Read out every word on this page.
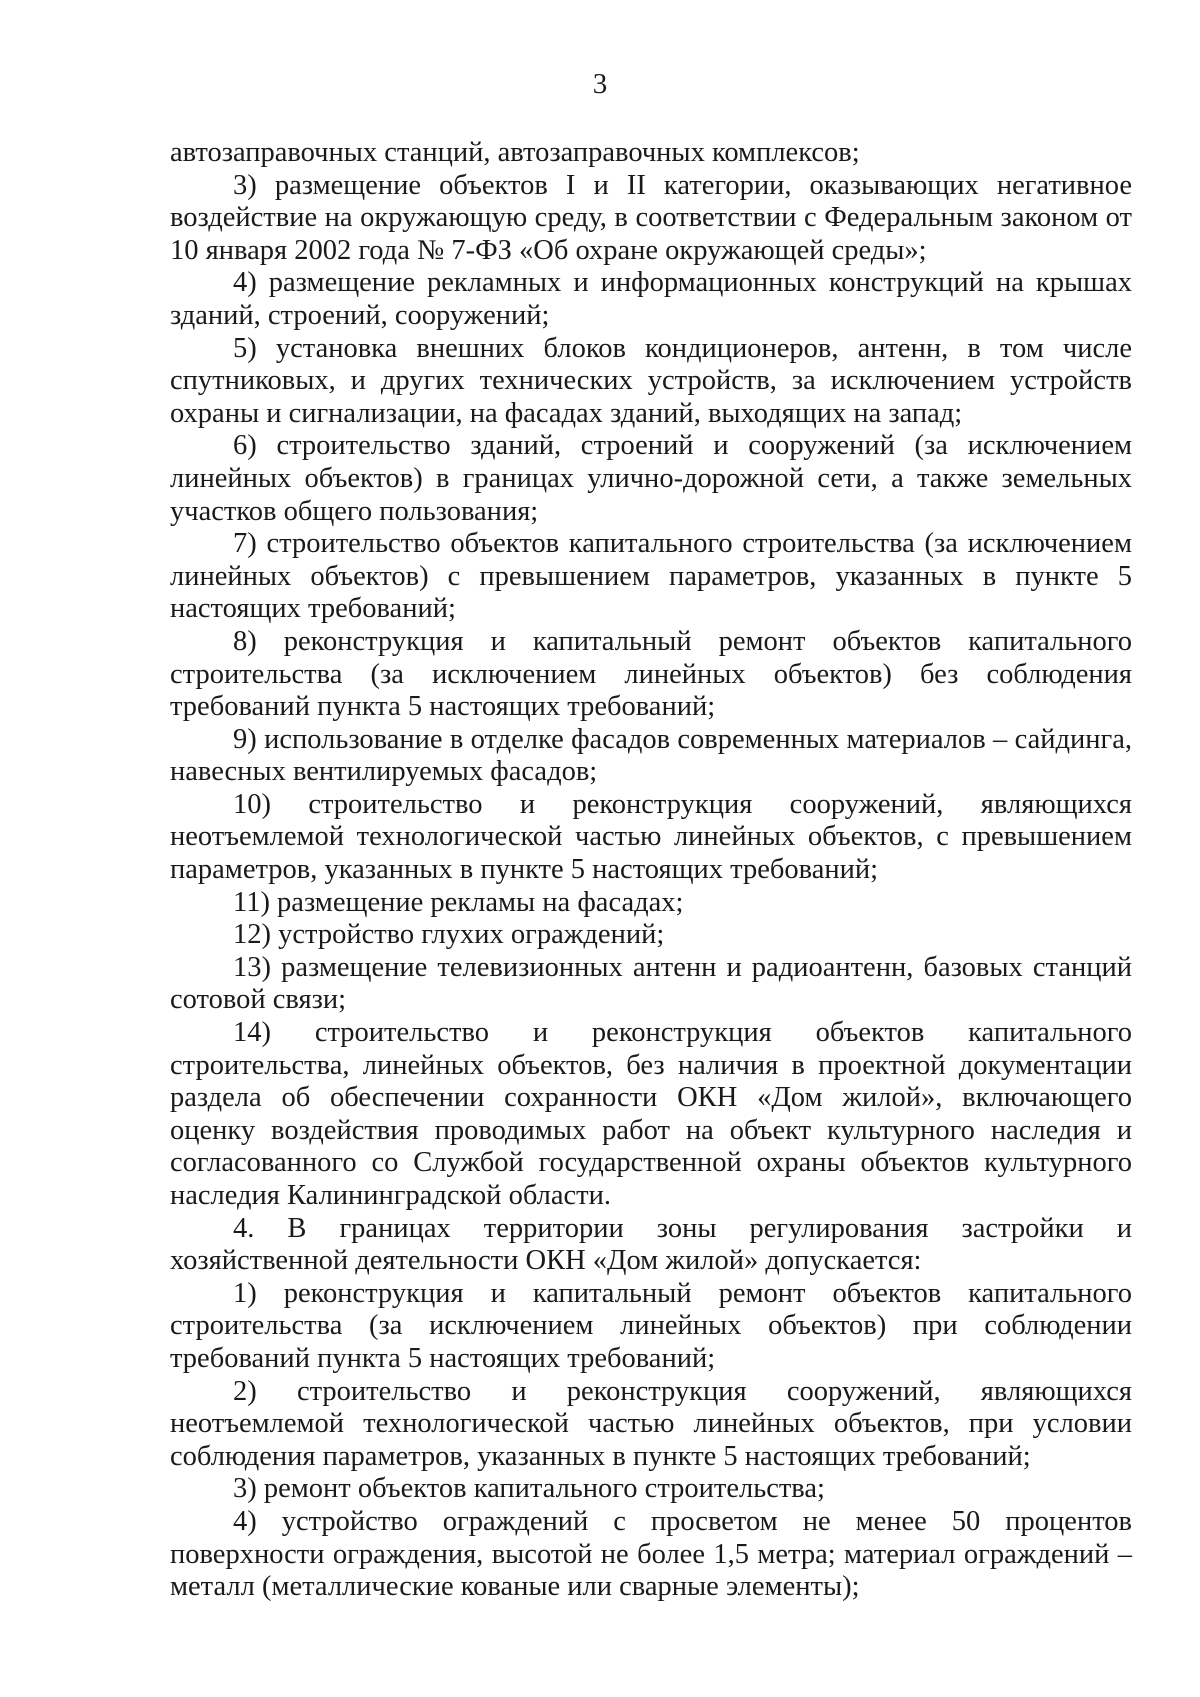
3

автозаправочных станций, автозаправочных комплексов;

3) размещение объектов I и II категории, оказывающих негативное воздействие на окружающую среду, в соответствии с Федеральным законом от 10 января 2002 года № 7-ФЗ «Об охране окружающей среды»;

4) размещение рекламных и информационных конструкций на крышах зданий, строений, сооружений;

5) установка внешних блоков кондиционеров, антенн, в том числе спутниковых, и других технических устройств, за исключением устройств охраны и сигнализации, на фасадах зданий, выходящих на запад;

6) строительство зданий, строений и сооружений (за исключением линейных объектов) в границах улично-дорожной сети, а также земельных участков общего пользования;

7) строительство объектов капитального строительства (за исключением линейных объектов) с превышением параметров, указанных в пункте 5 настоящих требований;

8) реконструкция и капитальный ремонт объектов капитального строительства (за исключением линейных объектов) без соблюдения требований пункта 5 настоящих требований;

9) использование в отделке фасадов современных материалов – сайдинга, навесных вентилируемых фасадов;

10) строительство и реконструкция сооружений, являющихся неотъемлемой технологической частью линейных объектов, с превышением параметров, указанных в пункте 5 настоящих требований;

11) размещение рекламы на фасадах;

12) устройство глухих ограждений;

13) размещение телевизионных антенн и радиоантенн, базовых станций сотовой связи;

14) строительство и реконструкция объектов капитального строительства, линейных объектов, без наличия в проектной документации раздела об обеспечении сохранности ОКН «Дом жилой», включающего оценку воздействия проводимых работ на объект культурного наследия и согласованного со Службой государственной охраны объектов культурного наследия Калининградской области.

4. В границах территории зоны регулирования застройки и хозяйственной деятельности ОКН «Дом жилой» допускается:

1) реконструкция и капитальный ремонт объектов капитального строительства (за исключением линейных объектов) при соблюдении требований пункта 5 настоящих требований;

2) строительство и реконструкция сооружений, являющихся неотъемлемой технологической частью линейных объектов, при условии соблюдения параметров, указанных в пункте 5 настоящих требований;

3) ремонт объектов капитального строительства;

4) устройство ограждений с просветом не менее 50 процентов поверхности ограждения, высотой не более 1,5 метра; материал ограждений – металл (металлические кованые или сварные элементы);
